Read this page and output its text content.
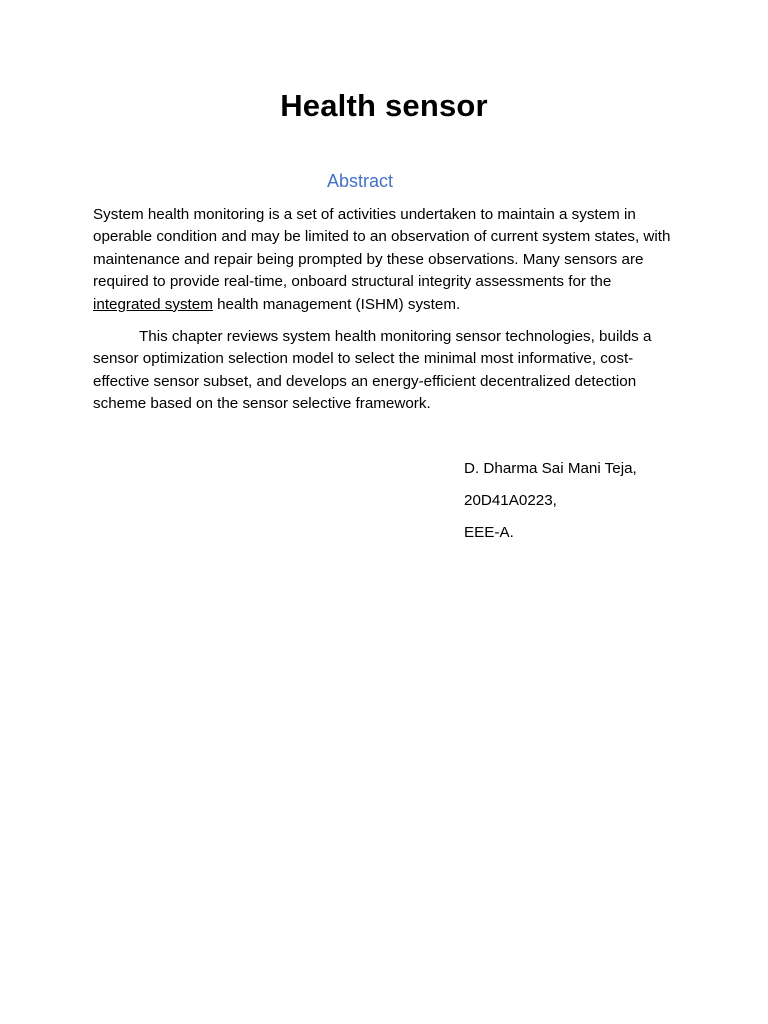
Health sensor
Abstract
System health monitoring is a set of activities undertaken to maintain a system in operable condition and may be limited to an observation of current system states, with maintenance and repair being prompted by these observations. Many sensors are required to provide real-time, onboard structural integrity assessments for the integrated system health management (ISHM) system.
This chapter reviews system health monitoring sensor technologies, builds a sensor optimization selection model to select the minimal most informative, cost-effective sensor subset, and develops an energy-efficient decentralized detection scheme based on the sensor selective framework.
D. Dharma Sai Mani Teja,
20D41A0223,
EEE-A.
